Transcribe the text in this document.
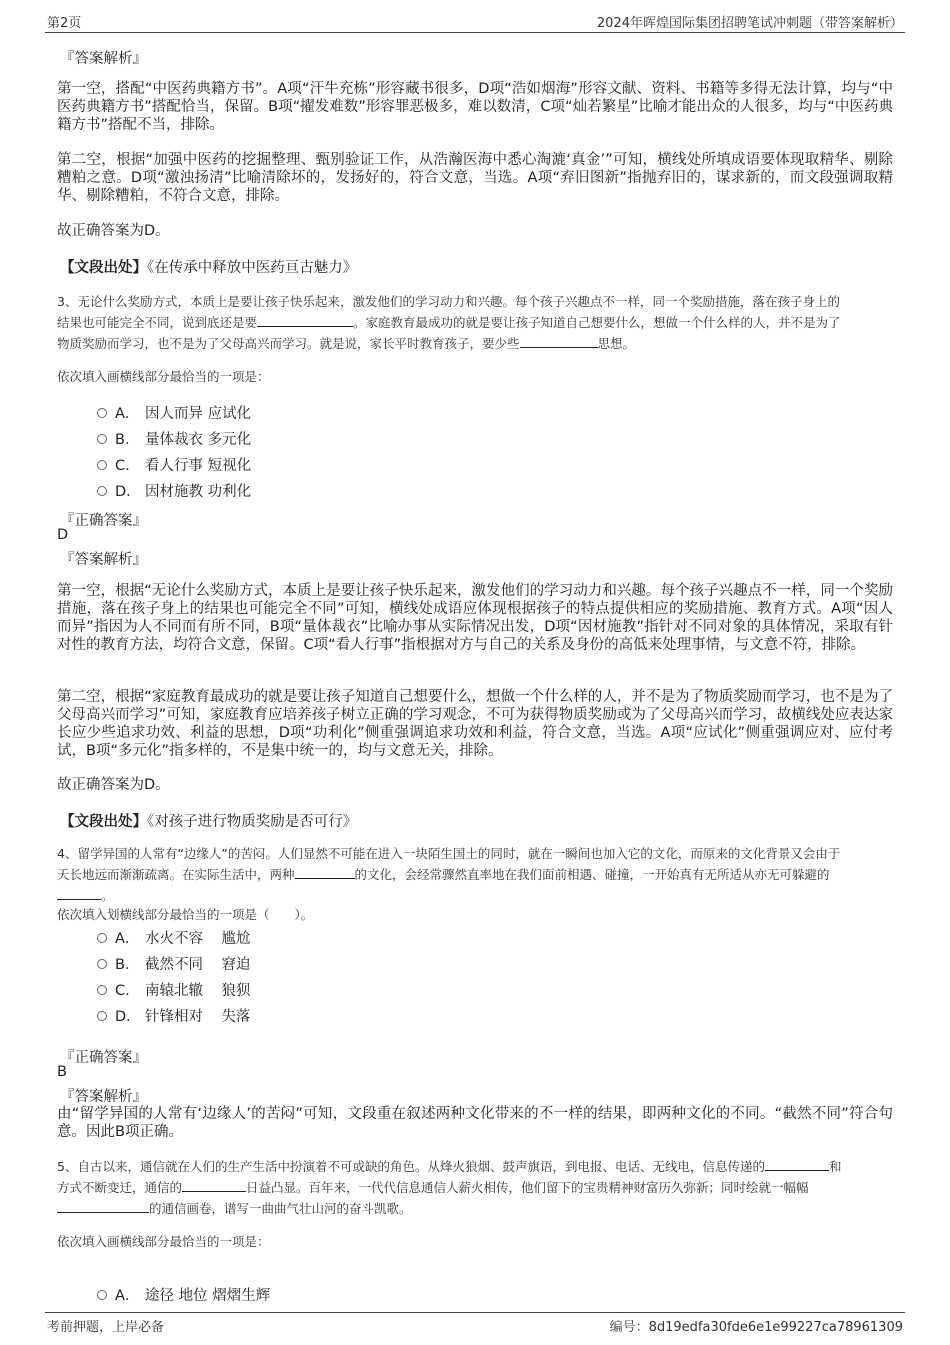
第2页	2024年晖煌国际集团招聘笔试冲刺题（带答案解析）
『答案解析』
第一空，搭配“中医药典籍方书”。A项“汗牛充栋”形容藏书很多，D项“浩如烟海”形容文献、资料、书籍等多得无法计算，均与“中医药典籍方书”搭配恰当，保留。B项“擢发难数”形容罪恶极多，难以数清，C项“灿若繁星”比喻才能出众的人很多，均与“中医药典籍方书”搭配不当，排除。
第二空，根据“加强中医药的挖掘整理、甄别验证工作，从浩瀚医海中悉心淘漉‘真金’”可知，横线处所填成语要体现取精华、剔除糟粕之意。D项“激浊扬清”比喻清除坏的，发扬好的，符合文意，当选。A项“弃旧图新”指抛弃旧的，谋求新的，而文段强调取精华、剔除糟粕，不符合文意，排除。
故正确答案为D。
【文段出处】《在传承中释放中医药亘古魅力》
3、无论什么奖励方式，本质上是要让孩子快乐起来，激发他们的学习动力和兴趣。每个孩子兴趣点不一样，同一个奖励措施，落在孩子身上的
结果也可能完全不同，说到底还是要	。家庭教育最成功的就是要让孩子知道自己想要什么，想做一个什么样的人，并不是为了
物质奖励而学习，也不是为了父母高兴而学习。就是说，家长平时教育孩子，要少些	思想。
依次填入画横线部分最恰当的一项是：
A． 因人而异 应试化
B． 量体裁衣 多元化
C． 看人行事 短视化
D． 因材施教 功利化
『正确答案』
D
『答案解析』
第一空，根据“无论什么奖励方式，本质上是要让孩子快乐起来，激发他们的学习动力和兴趣。每个孩子兴趣点不一样，同一个奖励措施，落在孩子身上的结果也可能完全不同”可知，横线处成语应体现根据孩子的特点提供相应的奖励措施、教育方式。A项“因人而异”指因为人不同而有所不同，B项“量体裁衣”比喻办事从实际情况出发，D项“因材施教”指针对不同对象的具体情况，采取有针对性的教育方法，均符合文意，保留。C项“看人行事”指根据对方与自己的关系及身份的高低来处理事情，与文意不符，排除。
第二空，根据“家庭教育最成功的就是要让孩子知道自己想要什么，想做一个什么样的人，并不是为了物质奖励而学习，也不是为了父母高兴而学习”可知，家庭教育应培养孩子树立正确的学习观念，不可为获得物质奖励或为了父母高兴而学习，故横线处应表达家长应少些追求功效、利益的思想，D项“功利化”侧重强调追求功效和利益，符合文意，当选。A项“应试化”侧重强调应对、应付考试，B项“多元化”指多样的，不是集中统一的，均与文意无关，排除。
故正确答案为D。
【文段出处】《对孩子进行物质奖励是否可行》
4、留学异国的人常有“边缘人”的苦闷。人们显然不可能在进入一块陌生国土的同时，就在一瞬间也加入它的文化，而原来的文化背景又会由于
天长地远而渐渐疏离。在实际生活中，两种	的文化，会经常骤然直率地在我们面前相遇、碰撞，一开始真有无所适从亦无可躲避的
。
依次填入划横线部分最恰当的一项是（　　）。
A． 水火不容    尴尬
B． 截然不同    窘迫
C． 南辕北辙    狼狈
D． 针锋相对    失落
『正确答案』
B
『答案解析』
由“留学异国的人常有‘边缘人’的苦闷”可知，文段重在叙述两种文化带来的不一样的结果，即两种文化的不同。“截然不同”符合句意。因此B项正确。
5、自古以来，通信就在人们的生产生活中扮演着不可或缺的角色。从烽火狼烟、鼓声旗语，到电报、电话、无线电，信息传递的	和
方式不断变迁，通信的	日益凸显。百年来，一代代信息通信人薪火相传，他们留下的宝贵精神财富历久弥新；同时绘就一幅幅
的通信画卷，谱写一曲曲气壮山河的奋斗凯歌。
依次填入画横线部分最恰当的一项是：
A． 途径 地位 熠熠生辉
考前押题，上岸必备	编号：8d19edfa30fde6e1e99227ca78961309
